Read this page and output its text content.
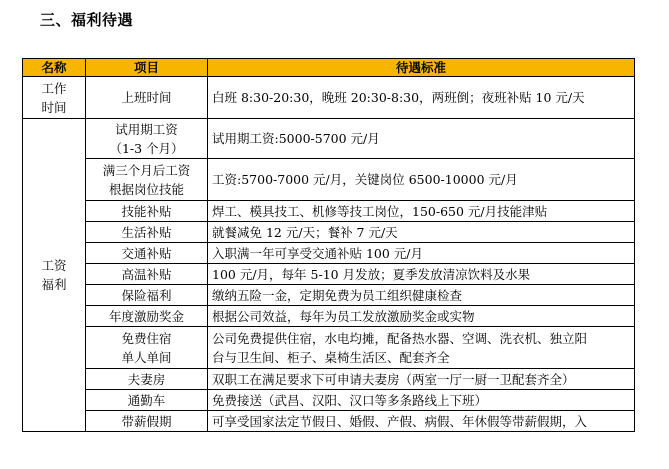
三、福利待遇
名称	项目	待遇标准

工作
时间	上班时间	白班 8:30-20:30，晚班 20:30-8:30，两班倒；夜班补贴 10 元/天

工资
福利	试用期工资
（1-3 个月）	试用期工资:5000-5700 元/月

	满三个月后工资
根据岗位技能	工资:5700-7000 元/月，关键岗位 6500-10000 元/月

	技能补贴	焊工、模具技工、机修等技工岗位，150-650 元/月技能津贴

	生活补贴	就餐减免 12 元/天；餐补 7 元/天

	交通补贴	入职满一年可享受交通补贴 100 元/月

	高温补贴	100 元/月，每年 5-10 月发放；夏季发放清凉饮料及水果

	保险福利	缴纳五险一金，定期免费为员工组织健康检查

	年度激励奖金	根据公司效益，每年为员工发放激励奖金或实物

	免费住宿
单人单间	公司免费提供住宿，水电均摊，配备热水器、空调、洗衣机、独立阳
台与卫生间、柜子、桌椅生活区、配套齐全

	夫妻房	双职工在满足要求下可申请夫妻房（两室一厅一厨一卫配套齐全）

	通勤车	免费接送（武昌、汉阳、汉口等多条路线上下班）

	带薪假期	可享受国家法定节假日、婚假、产假、病假、年休假等带薪假期，入
